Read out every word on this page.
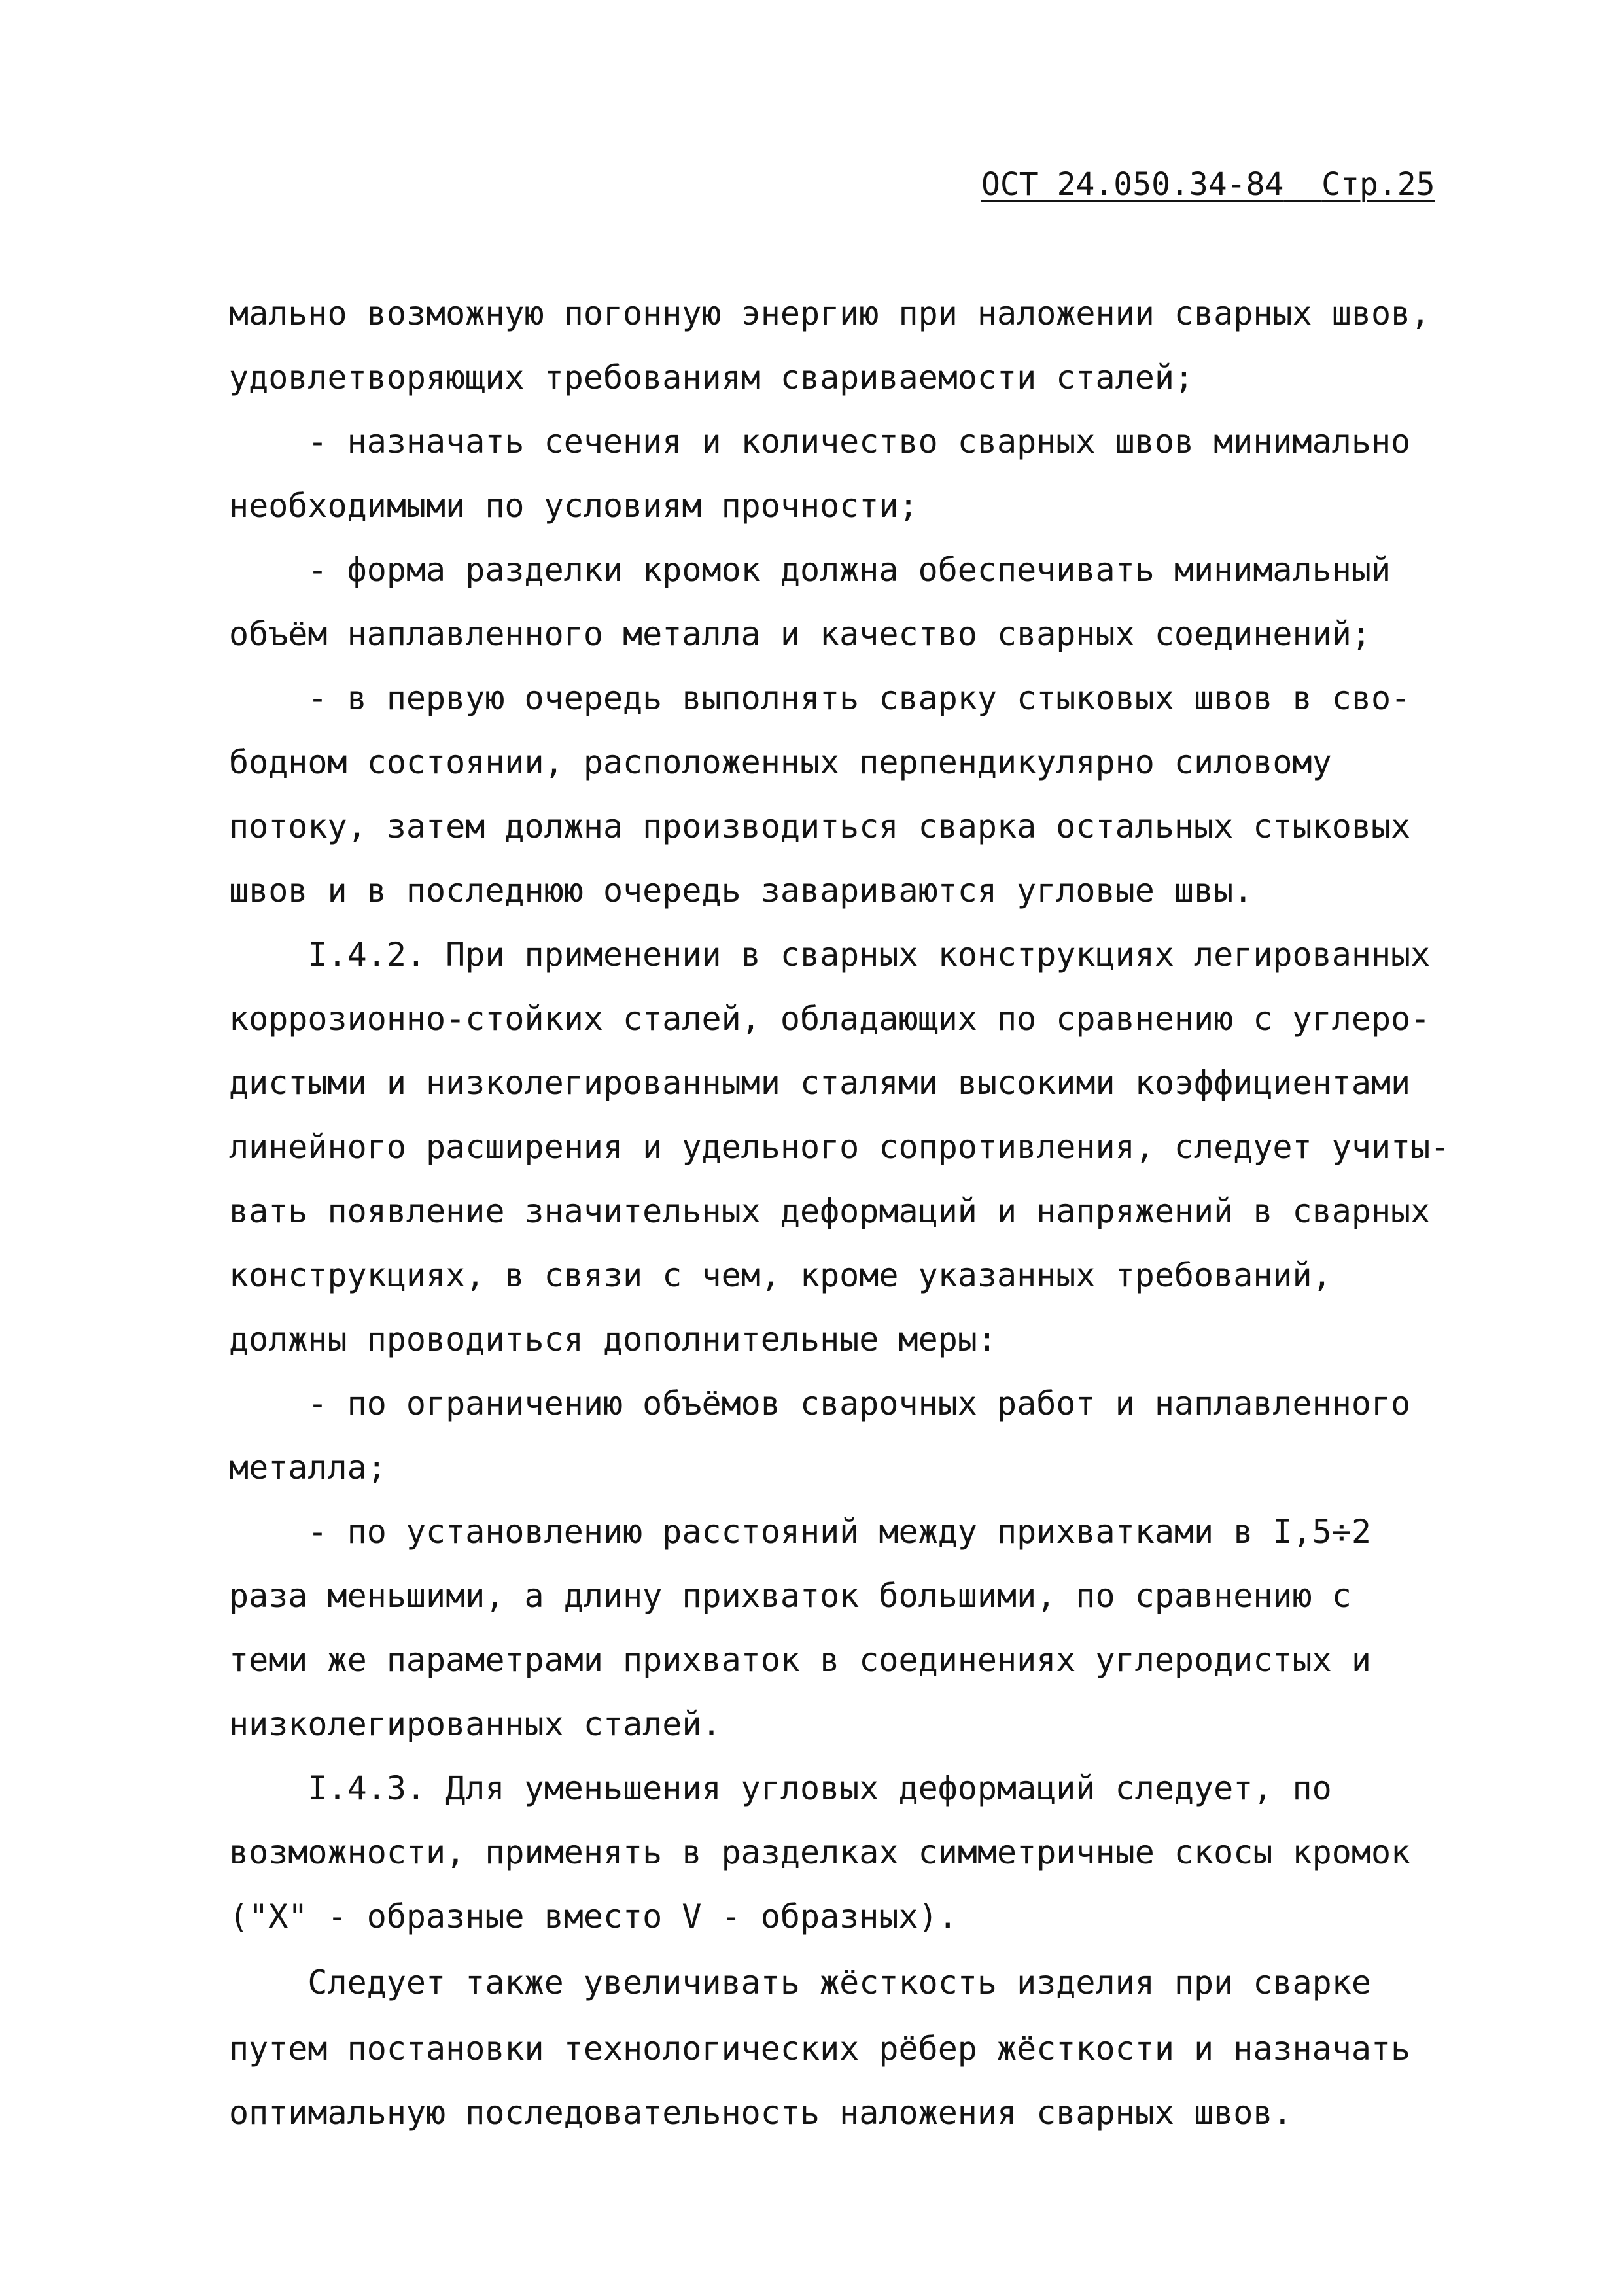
ОСТ 24.050.34-84 Стр.25
мально возможную погонную энергию при наложении сварных швов,
удовлетворяющих требованиям свариваемости сталей;
- назначать сечения и количество сварных швов минимально
необходимыми по условиям прочности;
- форма разделки кромок должна обеспечивать минимальный
объём наплавленного металла и качество сварных соединений;
- в первую очередь выполнять сварку стыковых швов в сво-
бодном состоянии, расположенных перпендикулярно силовому
потоку, затем должна производиться сварка остальных стыковых
швов и в последнюю очередь завариваются угловые швы.
I.4.2. При применении в сварных конструкциях легированных
коррозионно-стойких сталей, обладающих по сравнению с углеро-
дистыми и низколегированными сталями высокими коэффициентами
линейного расширения и удельного сопротивления, следует учиты-
вать появление значительных деформаций и напряжений в сварных
конструкциях, в связи с чем, кроме указанных требований,
должны проводиться дополнительные меры:
- по ограничению объёмов сварочных работ и наплавленного
металла;
- по установлению расстояний между прихватками в I,5÷2
раза меньшими, а длину прихваток большими, по сравнению с
теми же параметрами прихваток в соединениях углеродистых и
низколегированных сталей.
I.4.3. Для уменьшения угловых деформаций следует, по
возможности, применять в разделках симметричные скосы кромок
("X" - образные вместо V - образных).
Следует также увеличивать жёсткость изделия при сварке
путем постановки технологических рёбер жёсткости и назначать
оптимальную последовательность наложения сварных швов.
